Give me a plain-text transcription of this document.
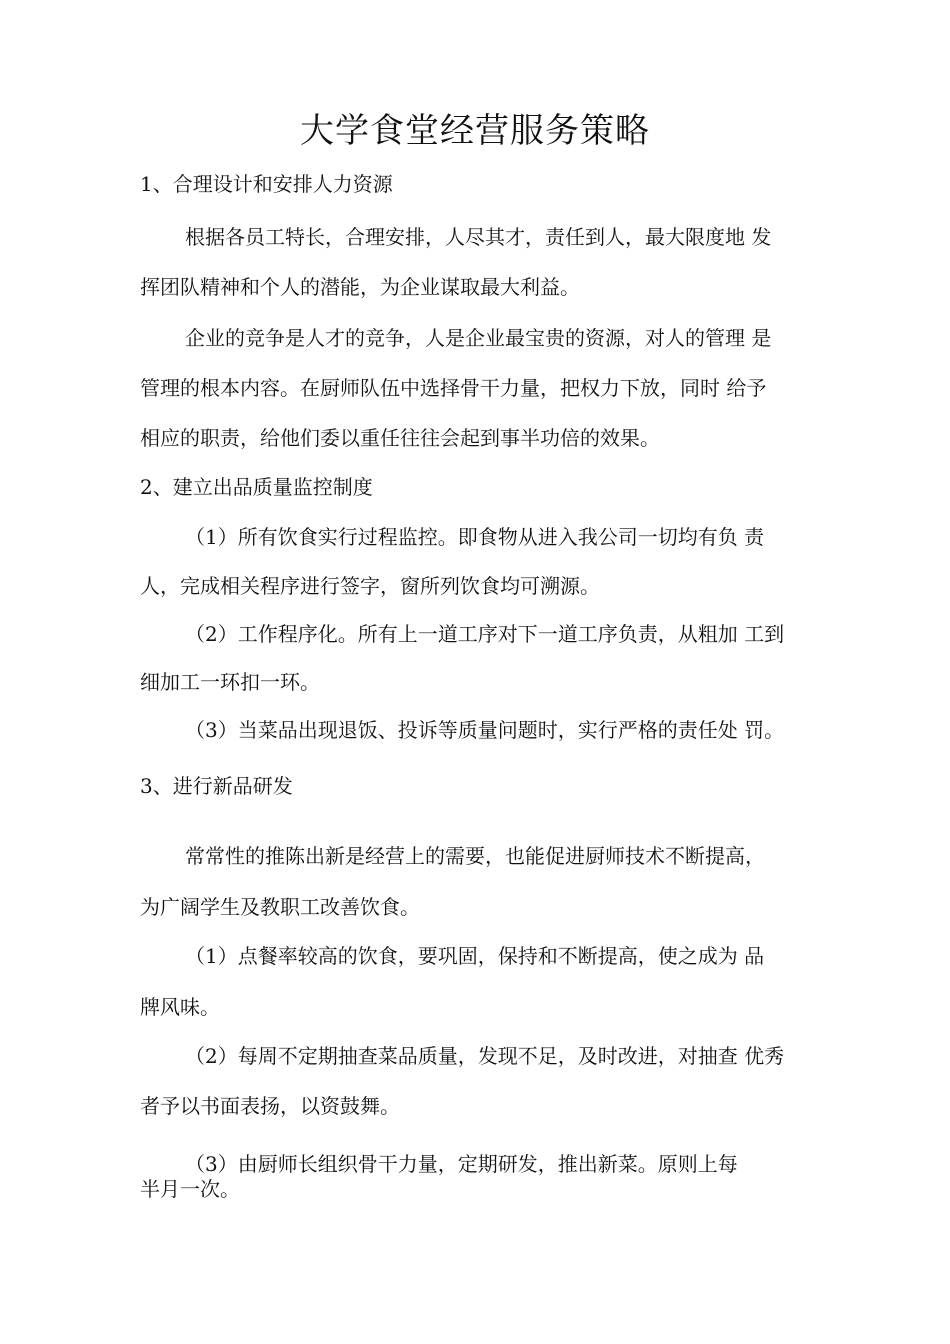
大学食堂经营服务策略
1、合理设计和安排人力资源
根据各员工特长，合理安排，人尽其才，责任到人，最大限度地 发
挥团队精神和个人的潜能，为企业谋取最大利益。
企业的竞争是人才的竞争，人是企业最宝贵的资源，对人的管理 是
管理的根本内容。在厨师队伍中选择骨干力量，把权力下放，同时 给予
相应的职责，给他们委以重任往往会起到事半功倍的效果。
2、建立出品质量监控制度
（1）所有饮食实行过程监控。即食物从进入我公司一切均有负 责
人，完成相关程序进行签字，窗所列饮食均可溯源。
（2）工作程序化。所有上一道工序对下一道工序负责，从粗加 工到
细加工一环扣一环。
（3）当菜品出现退饭、投诉等质量问题时，实行严格的责任处 罚。
3、进行新品研发
常常性的推陈出新是经营上的需要，也能促进厨师技术不断提高，
为广阔学生及教职工改善饮食。
（1）点餐率较高的饮食，要巩固，保持和不断提高，使之成为 品
牌风味。
（2）每周不定期抽查菜品质量，发现不足，及时改进，对抽查 优秀
者予以书面表扬，以资鼓舞。
（3）由厨师长组织骨干力量，定期研发，推出新菜。原则上每
半月一次。
